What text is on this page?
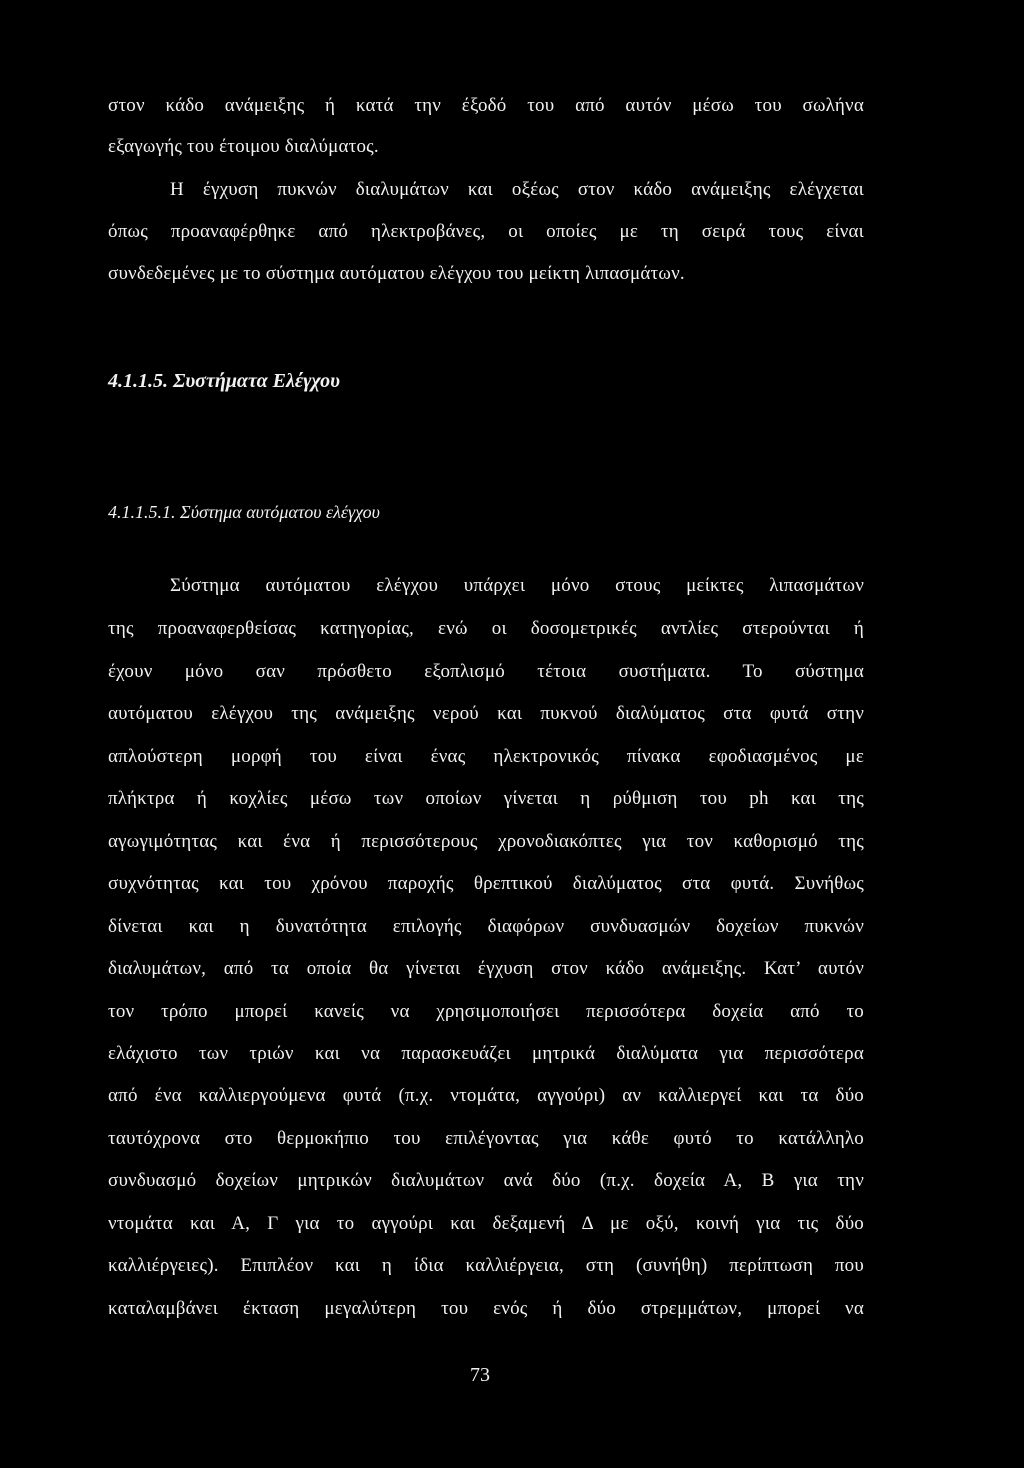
στον κάδο ανάμειξης ή κατά την έξοδό του από αυτόν μέσω του σωλήνα
εξαγωγής του έτοιμου διαλύματος.
Η έγχυση πυκνών διαλυμάτων και οξέως στον κάδο ανάμειξης ελέγχεται
όπως προαναφέρθηκε από ηλεκτροβάνες, οι οποίες με τη σειρά τους είναι
συνδεδεμένες με το σύστημα αυτόματου ελέγχου του μείκτη λιπασμάτων.
4.1.1.5. Συστήματα Ελέγχου
4.1.1.5.1. Σύστημα αυτόματου ελέγχου
Σύστημα αυτόματου ελέγχου υπάρχει μόνο στους μείκτες λιπασμάτων
της προαναφερθείσας κατηγορίας, ενώ οι δοσομετρικές αντλίες στερούνται ή
έχουν μόνο σαν πρόσθετο εξοπλισμό τέτοια συστήματα. Το σύστημα
αυτόματου ελέγχου της ανάμειξης νερού και πυκνού διαλύματος στα φυτά στην
απλούστερη μορφή του είναι ένας ηλεκτρονικός πίνακα εφοδιασμένος με
πλήκτρα ή κοχλίες μέσω των οποίων γίνεται η ρύθμιση του ph και της
αγωγιμότητας και ένα ή περισσότερους χρονοδιακόπτες για τον καθορισμό της
συχνότητας και του χρόνου παροχής θρεπτικού διαλύματος στα φυτά. Συνήθως
δίνεται και η δυνατότητα επιλογής διαφόρων συνδυασμών δοχείων πυκνών
διαλυμάτων, από τα οποία θα γίνεται έγχυση στον κάδο ανάμειξης. Κατ’ αυτόν
τον τρόπο μπορεί κανείς να χρησιμοποιήσει περισσότερα δοχεία από το
ελάχιστο των τριών και να παρασκευάζει μητρικά διαλύματα για περισσότερα
από ένα καλλιεργούμενα φυτά (π.χ. ντομάτα, αγγούρι) αν καλλιεργεί και τα δύο
ταυτόχρονα στο θερμοκήπιο του επιλέγοντας για κάθε φυτό το κατάλληλο
συνδυασμό δοχείων μητρικών διαλυμάτων ανά δύο (π.χ. δοχεία Α, Β για την
ντομάτα και Α, Γ για το αγγούρι και δεξαμενή Δ με οξύ, κοινή για τις δύο
καλλιέργειες). Επιπλέον και η ίδια καλλιέργεια, στη (συνήθη) περίπτωση που
καταλαμβάνει έκταση μεγαλύτερη του ενός ή δύο στρεμμάτων, μπορεί να
73
